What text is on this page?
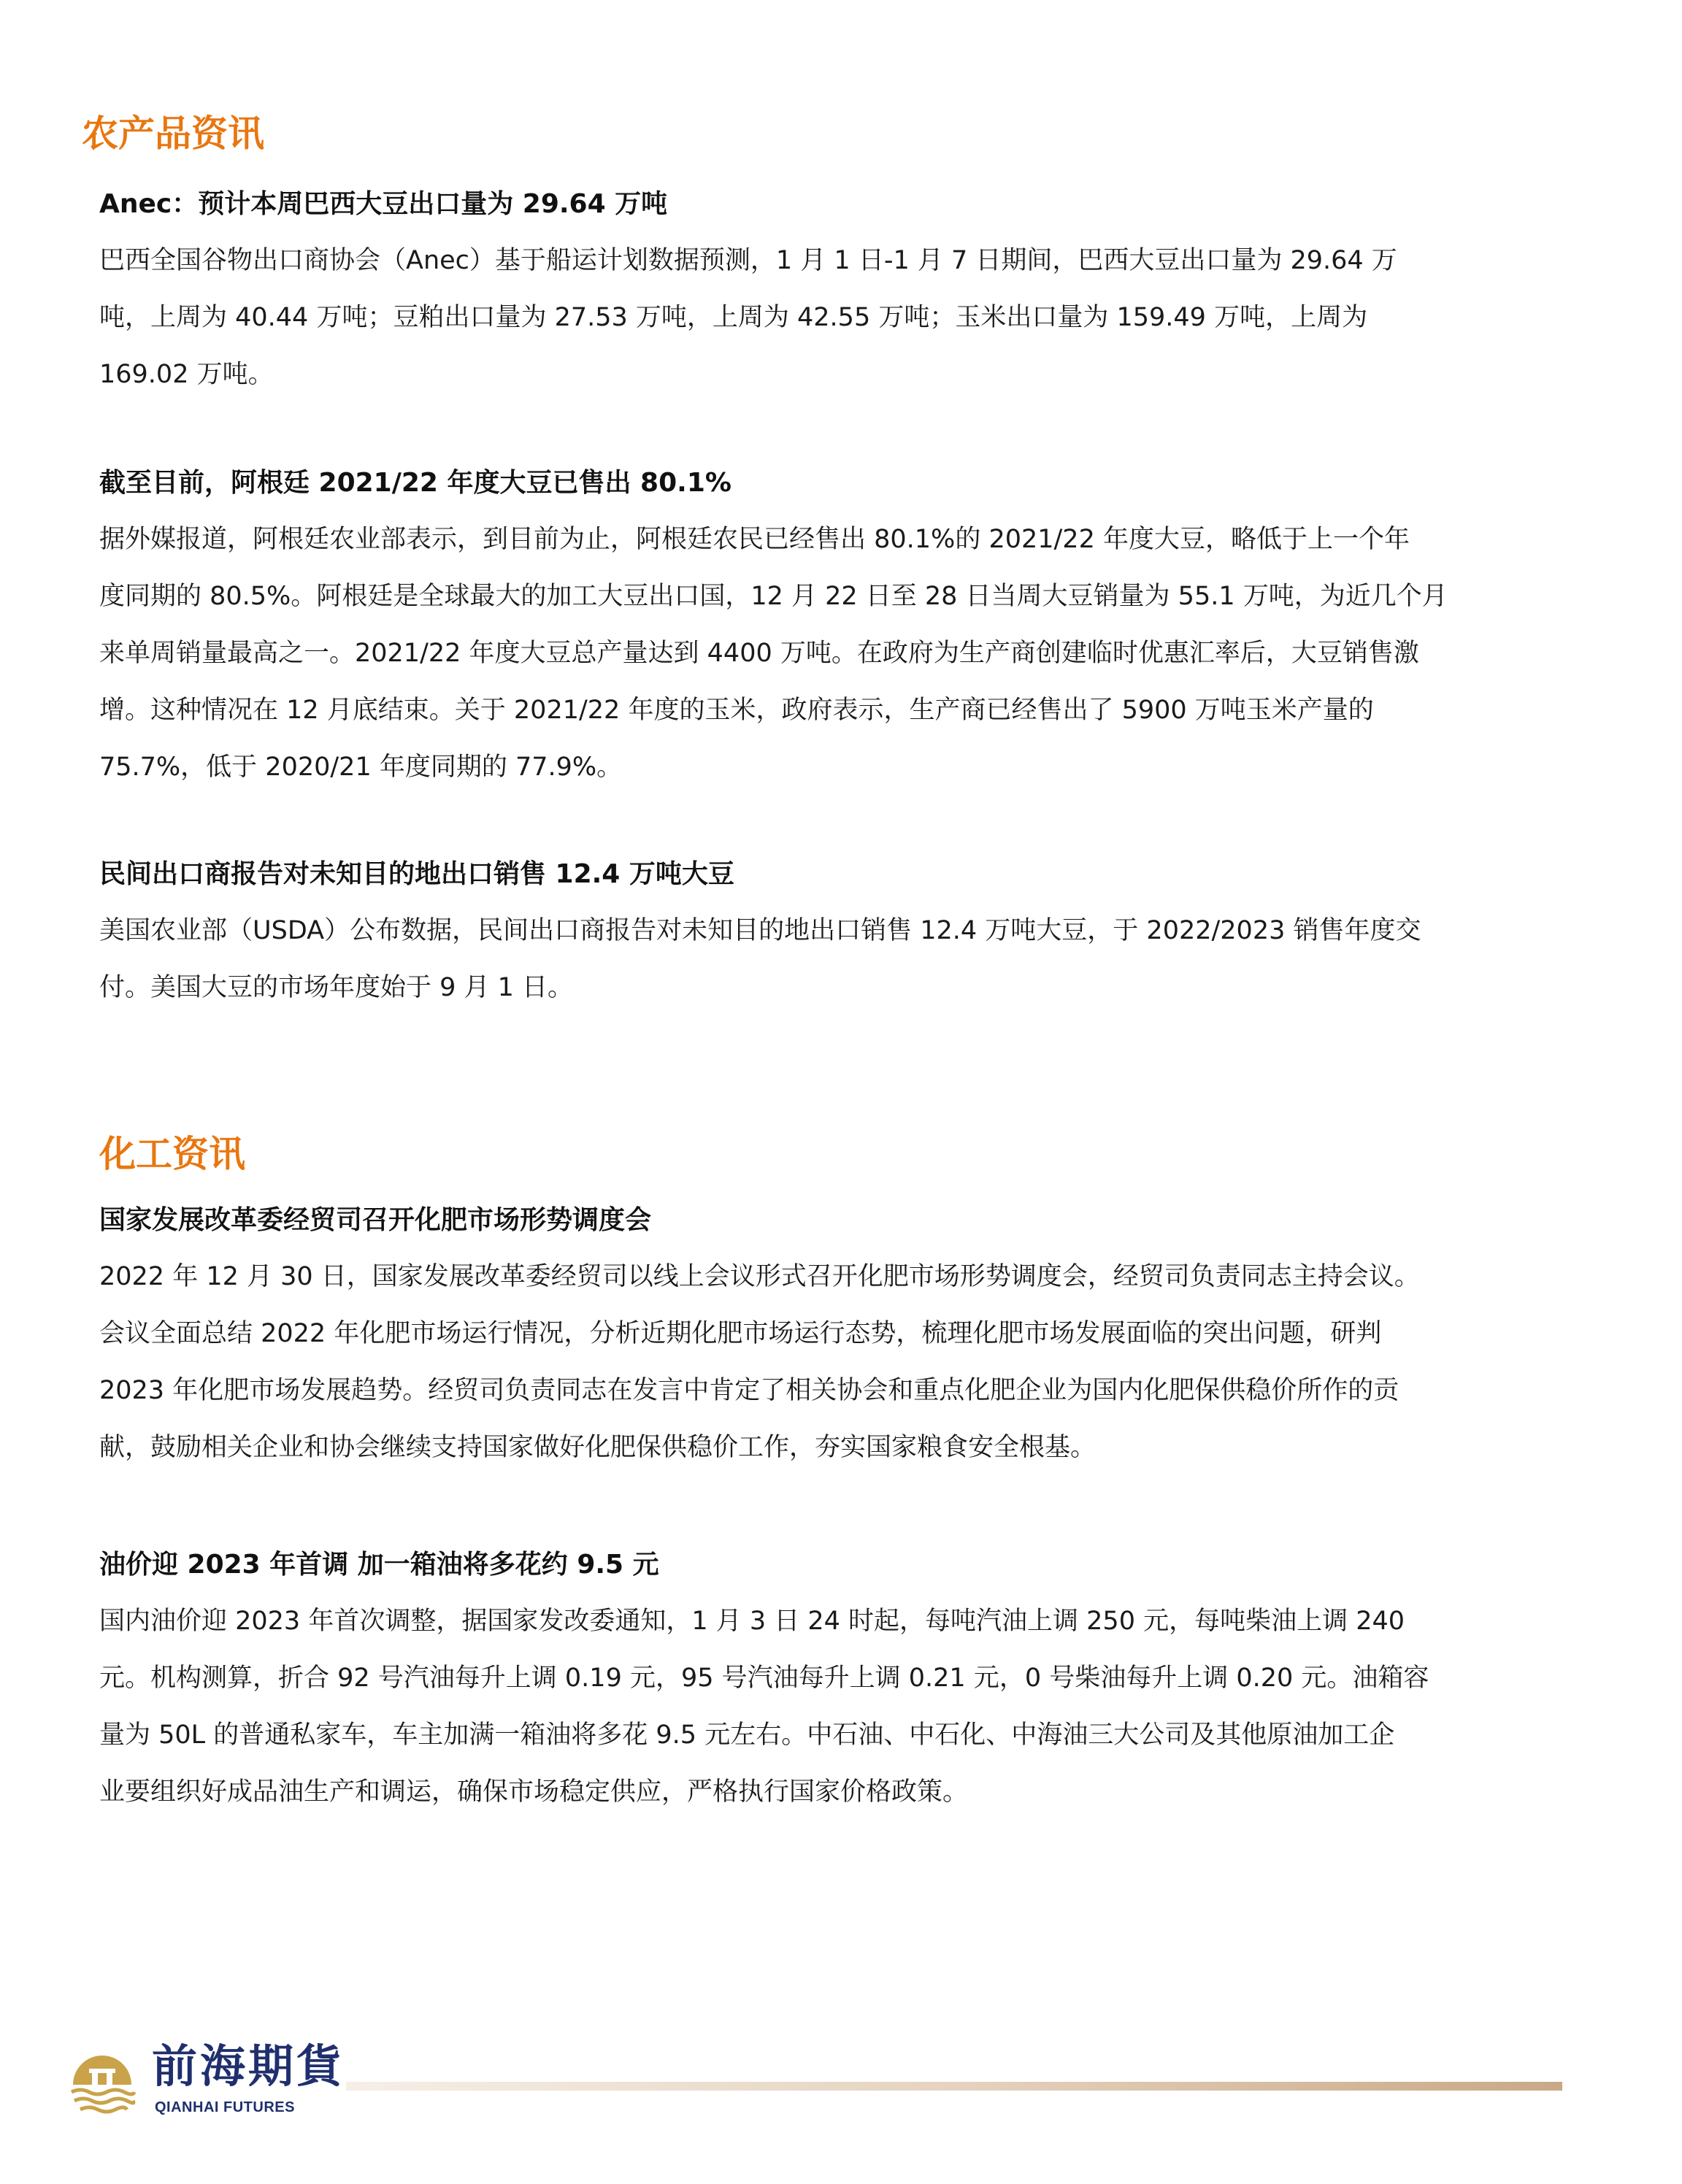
农产品资讯
Anec：预计本周巴西大豆出口量为 29.64 万吨

巴西全国谷物出口商协会（Anec）基于船运计划数据预测，1 月 1 日-1 月 7 日期间，巴西大豆出口量为 29.64 万
吨，上周为 40.44 万吨；豆粕出口量为 27.53 万吨，上周为 42.55 万吨；玉米出口量为 159.49 万吨，上周为
169.02 万吨。

截至目前，阿根廷 2021/22 年度大豆已售出 80.1%

据外媒报道，阿根廷农业部表示，到目前为止，阿根廷农民已经售出 80.1%的 2021/22 年度大豆，略低于上一个年
度同期的 80.5%。阿根廷是全球最大的加工大豆出口国，12 月 22 日至 28 日当周大豆销量为 55.1 万吨，为近几个月
来单周销量最高之一。2021/22 年度大豆总产量达到 4400 万吨。在政府为生产商创建临时优惠汇率后，大豆销售激
增。这种情况在 12 月底结束。关于 2021/22 年度的玉米，政府表示，生产商已经售出了 5900 万吨玉米产量的
75.7%，低于 2020/21 年度同期的 77.9%。

民间出口商报告对未知目的地出口销售 12.4 万吨大豆

美国农业部（USDA）公布数据，民间出口商报告对未知目的地出口销售 12.4 万吨大豆，于 2022/2023 销售年度交
付。美国大豆的市场年度始于 9 月 1 日。

化工资讯
国家发展改革委经贸司召开化肥市场形势调度会

2022 年 12 月 30 日，国家发展改革委经贸司以线上会议形式召开化肥市场形势调度会，经贸司负责同志主持会议。
会议全面总结 2022 年化肥市场运行情况，分析近期化肥市场运行态势，梳理化肥市场发展面临的突出问题，研判
2023 年化肥市场发展趋势。经贸司负责同志在发言中肯定了相关协会和重点化肥企业为国内化肥保供稳价所作的贡
献，鼓励相关企业和协会继续支持国家做好化肥保供稳价工作，夯实国家粮食安全根基。

油价迎 2023 年首调 加一箱油将多花约 9.5 元

国内油价迎 2023 年首次调整，据国家发改委通知，1 月 3 日 24 时起，每吨汽油上调 250 元，每吨柴油上调 240
元。机构测算，折合 92 号汽油每升上调 0.19 元，95 号汽油每升上调 0.21 元，0 号柴油每升上调 0.20 元。油箱容
量为 50L 的普通私家车，车主加满一箱油将多花 9.5 元左右。中石油、中石化、中海油三大公司及其他原油加工企
业要组织好成品油生产和调运，确保市场稳定供应，严格执行国家价格政策。

前海期貨
QIANHAI FUTURES
